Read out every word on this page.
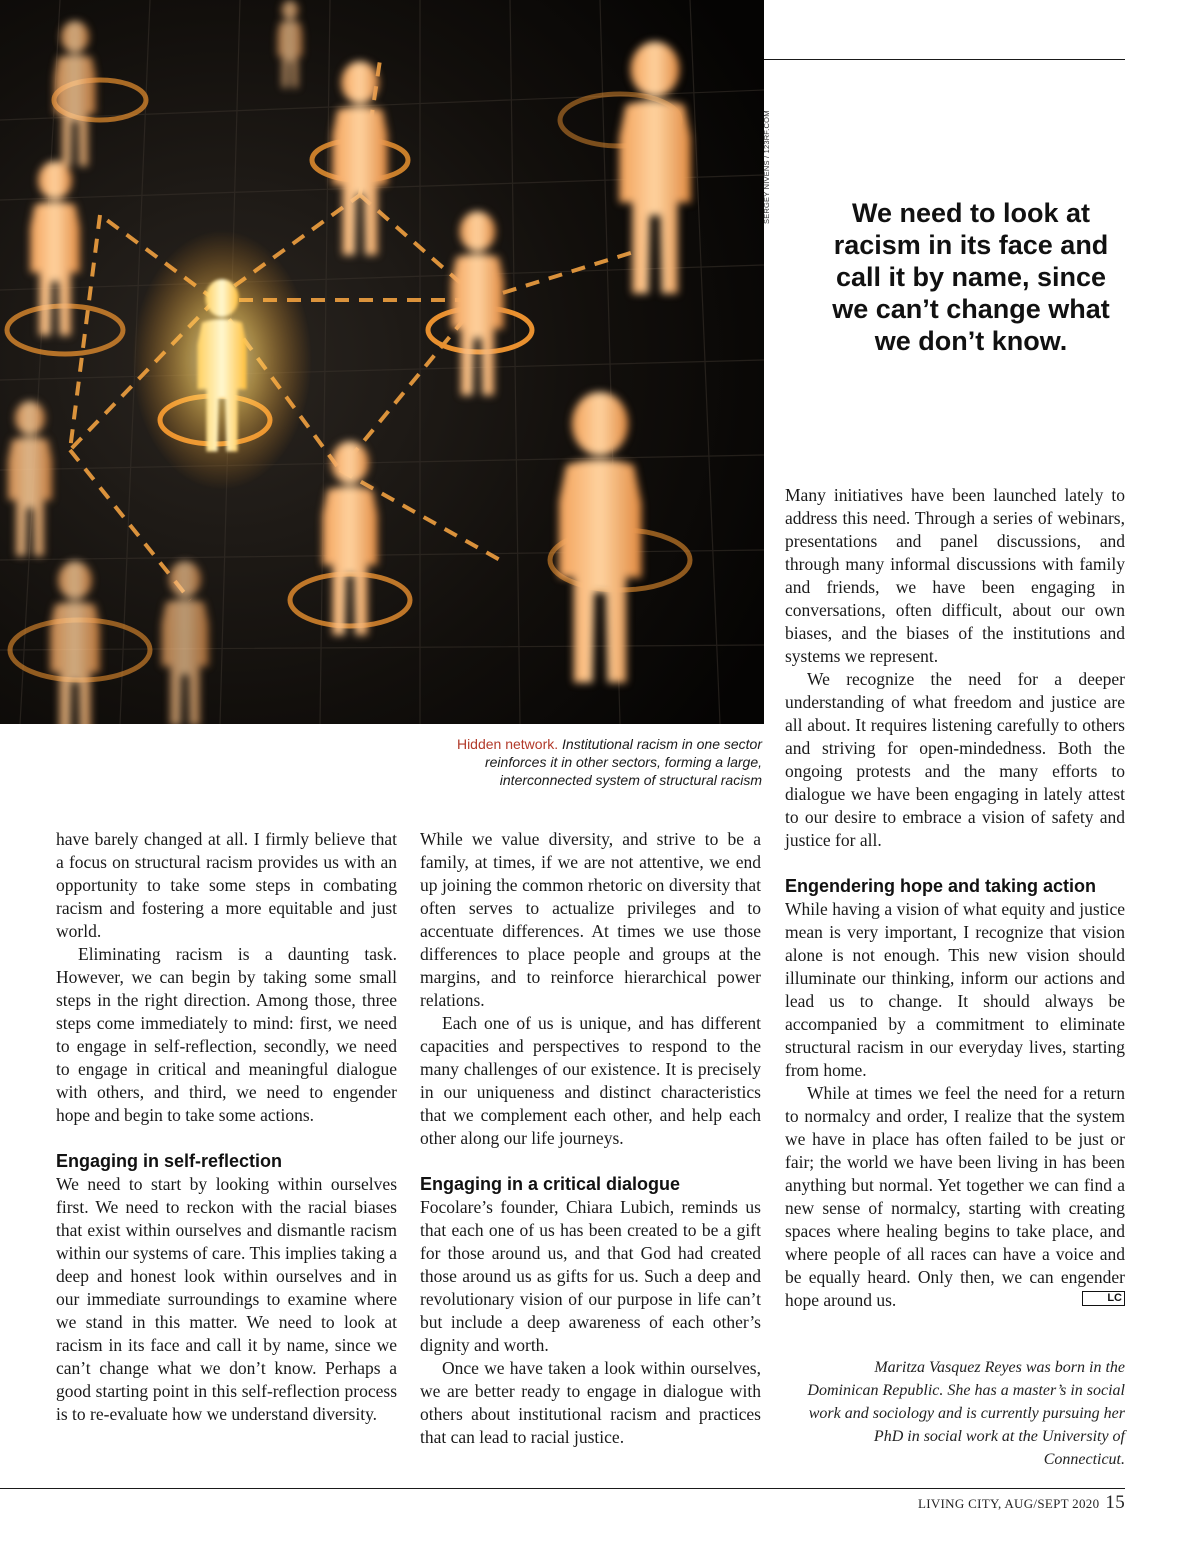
SERGEY NIVENS / 123RF.COM	We need to look at racism in its face and call it by name, since we can’t change what we don’t know.
Hidden network. Institutional racism in one sector reinforces it in other sectors, forming a large, interconnected system of structural racism

have barely changed at all. I firmly believe that a focus on structural racism provides us with an opportunity to take some steps in combating racism and fostering a more equitable and just world.

Eliminating racism is a daunting task. However, we can begin by taking some small steps in the right direction. Among those, three steps come immediately to mind: first, we need to engage in self-reflection, secondly, we need to engage in critical and meaningful dialogue with others, and third, we need to engender hope and begin to take some actions.

Engaging in self-reflection

We need to start by looking within ourselves first. We need to reckon with the racial biases that exist within ourselves and dismantle racism within our systems of care. This implies taking a deep and honest look within ourselves and in our immediate surroundings to examine where we stand in this matter. We need to look at racism in its face and call it by name, since we can’t change what we don’t know. Perhaps a good starting point in this self-reflection process is to re-evaluate how we understand diversity.

While we value diversity, and strive to be a family, at times, if we are not attentive, we end up joining the common rhetoric on diversity that often serves to actualize privileges and to accentuate differences. At times we use those differences to place people and groups at the margins, and to reinforce hierarchical power relations.

Each one of us is unique, and has different capacities and perspectives to respond to the many challenges of our existence. It is precisely in our uniqueness and distinct characteristics that we complement each other, and help each other along our life journeys.

Engaging in a critical dialogue

Focolare’s founder, Chiara Lubich, reminds us that each one of us has been created to be a gift for those around us, and that God had created those around us as gifts for us. Such a deep and revolutionary vision of our purpose in life can’t but include a deep awareness of each other’s dignity and worth.

Once we have taken a look within ourselves, we are better ready to engage in dialogue with others about institutional racism and practices that can lead to racial justice.

Many initiatives have been launched lately to address this need. Through a series of webinars, presentations and panel discussions, and through many informal discussions with family and friends, we have been engaging in conversations, often difficult, about our own biases, and the biases of the institutions and systems we represent.

We recognize the need for a deeper understanding of what freedom and justice are all about. It requires listening carefully to others and striving for open-mindedness. Both the ongoing protests and the many efforts to dialogue we have been engaging in lately attest to our desire to embrace a vision of safety and justice for all.

Engendering hope and taking action

While having a vision of what equity and justice mean is very important, I recognize that vision alone is not enough. This new vision should illuminate our thinking, inform our actions and lead us to change. It should always be accompanied by a commitment to eliminate structural racism in our everyday lives, starting from home.

While at times we feel the need for a return to normalcy and order, I realize that the system we have in place has often failed to be just or fair; the world we have been living in has been anything but normal. Yet together we can find a new sense of normalcy, starting with creating spaces where healing begins to take place, and where people of all races can have a voice and be equally heard. Only then, we can engender hope around us.	LC

Maritza Vasquez Reyes was born in the Dominican Republic. She has a master’s in social work and sociology and is currently pursuing her PhD in social work at the University of Connecticut.
LIVING CITY, AUG/SEPT 2020 15
